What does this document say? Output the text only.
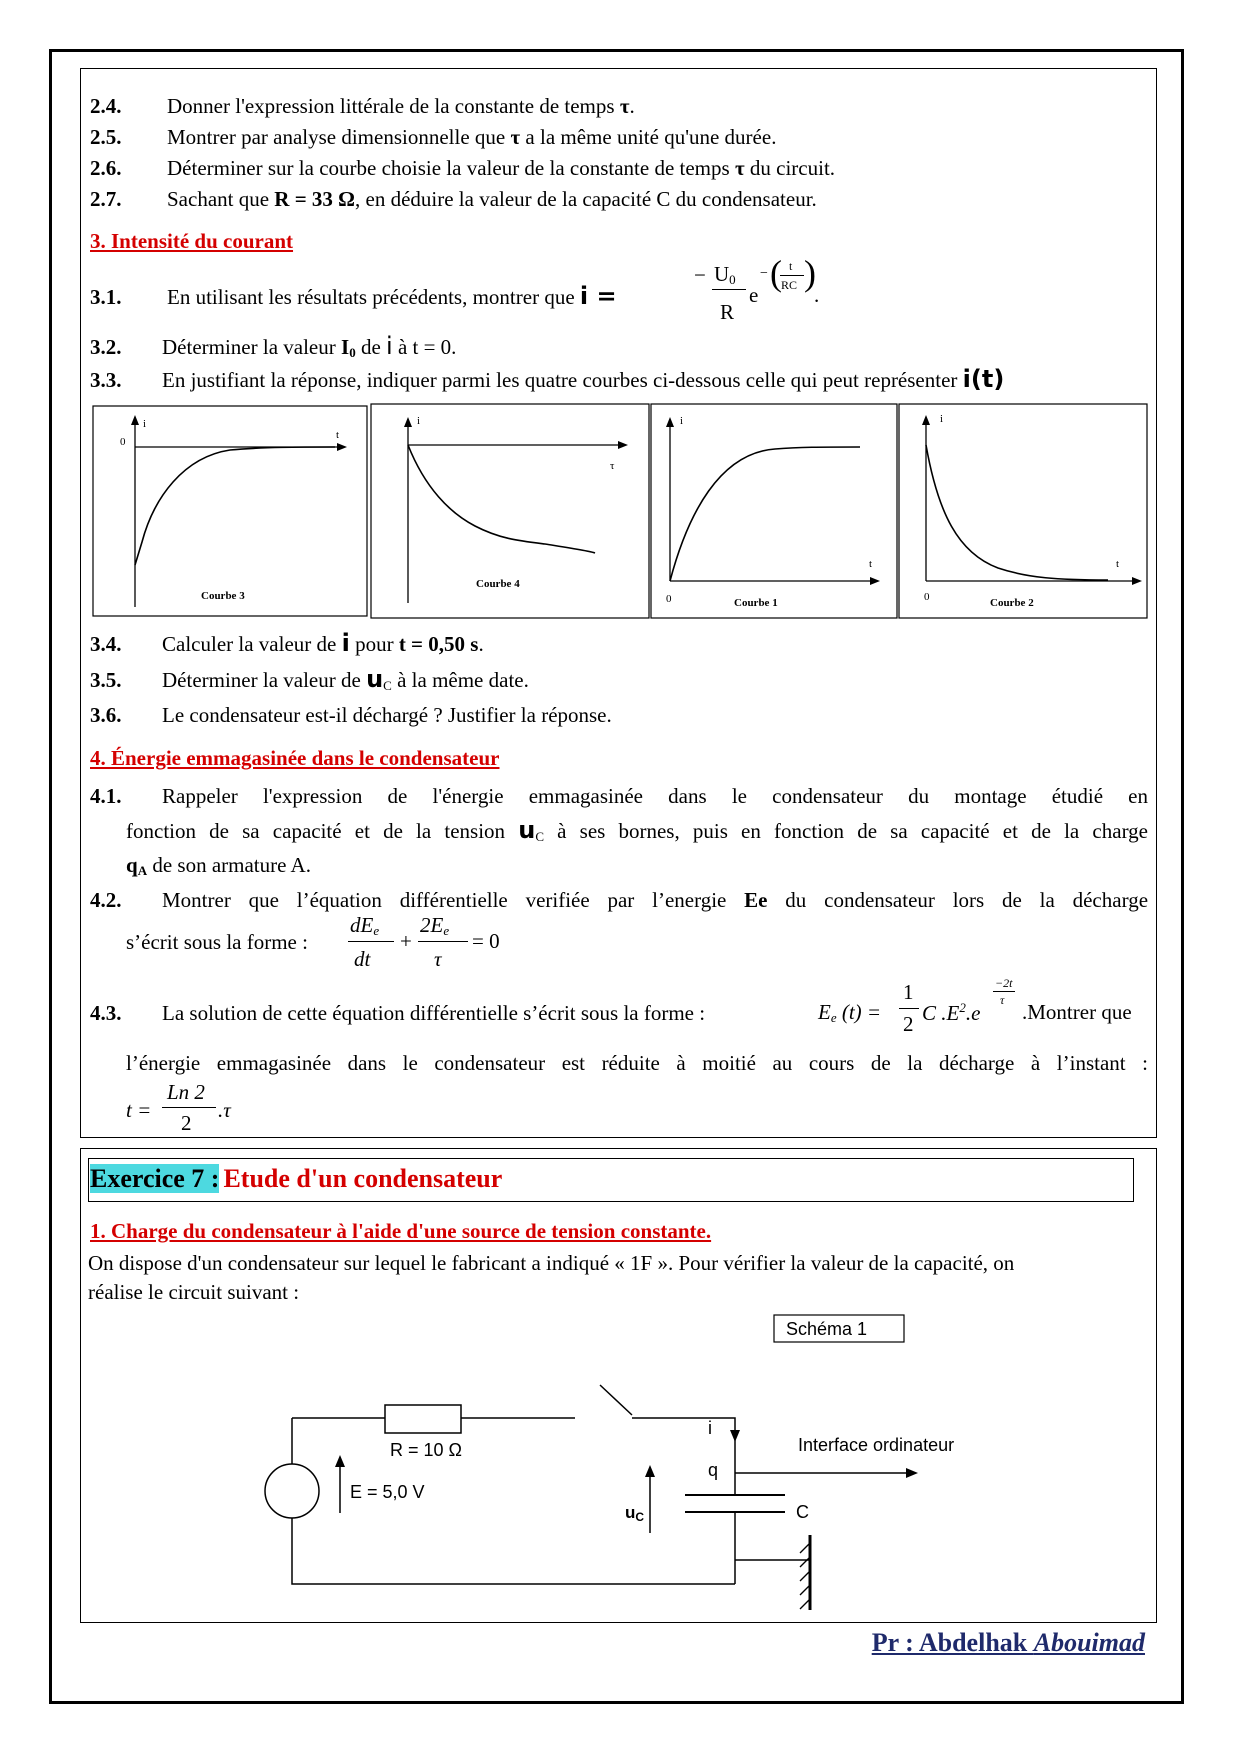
2.4. Donner l'expression littérale de la constante de temps τ.
2.5. Montrer par analyse dimensionnelle que τ a la même unité qu'une durée.
2.6. Déterminer sur la courbe choisie la valeur de la constante de temps τ du circuit.
2.7. Sachant que R = 33 Ω, en déduire la valeur de la capacité C du condensateur.
3. Intensité du courant
3.1. En utilisant les résultats précédents, montrer que i =
− $U_0$
R
e
− ( t
RC )
.
3.2. Déterminer la valeur $I_0$ de i à t = 0.
3.3. En justifiant la réponse, indiquer parmi les quatre courbes ci-dessous celle qui peut représenter i(t)
i
t
0
Courbe 3
i
τ
Courbe 4
i
t
0	Courbe 1
i
t
0	Courbe 2
3.4. Calculer la valeur de i pour t = 0,50 s.
3.5. Déterminer la valeur de $u_C$ à la même date.
3.6. Le condensateur est-il déchargé ? Justifier la réponse.
4. Énergie emmagasinée dans le condensateur
4.1. Rappeler l'expression de l'énergie emmagasinée dans le condensateur du montage étudié en
fonction de sa capacité et de la tension $u_C$ à ses bornes, puis en fonction de sa capacité et de la charge
$q_A$ de son armature A.
4.2. Montrer que l’équation différentielle verifiée par l’energie Ee du condensateur lors de la décharge
s’écrit sous la forme :
$dE_e$
dt
+
$2E_e$
τ
= 0
4.3. La solution de cette équation différentielle s’écrit sous la forme :	$E_e$ (t) =
1
2 C $.E^2.e$
−2t
τ .Montrer que
l’énergie emmagasinée dans le condensateur est réduite à moitié au cours de la décharge à l’instant :
t =
Ln 2
2
.τ
Exercice 7 : Etude d'un condensateur
1. Charge du condensateur à l'aide d'une source de tension constante.
On dispose d'un condensateur sur lequel le fabricant a indiqué « 1F ». Pour vérifier la valeur de la capacité, on
réalise le circuit suivant :
Schéma 1
R = 10 Ω
E = 5,0 V
i
q
C
Interface ordinateur
uC
Pr : Abdelhak Abouimad
